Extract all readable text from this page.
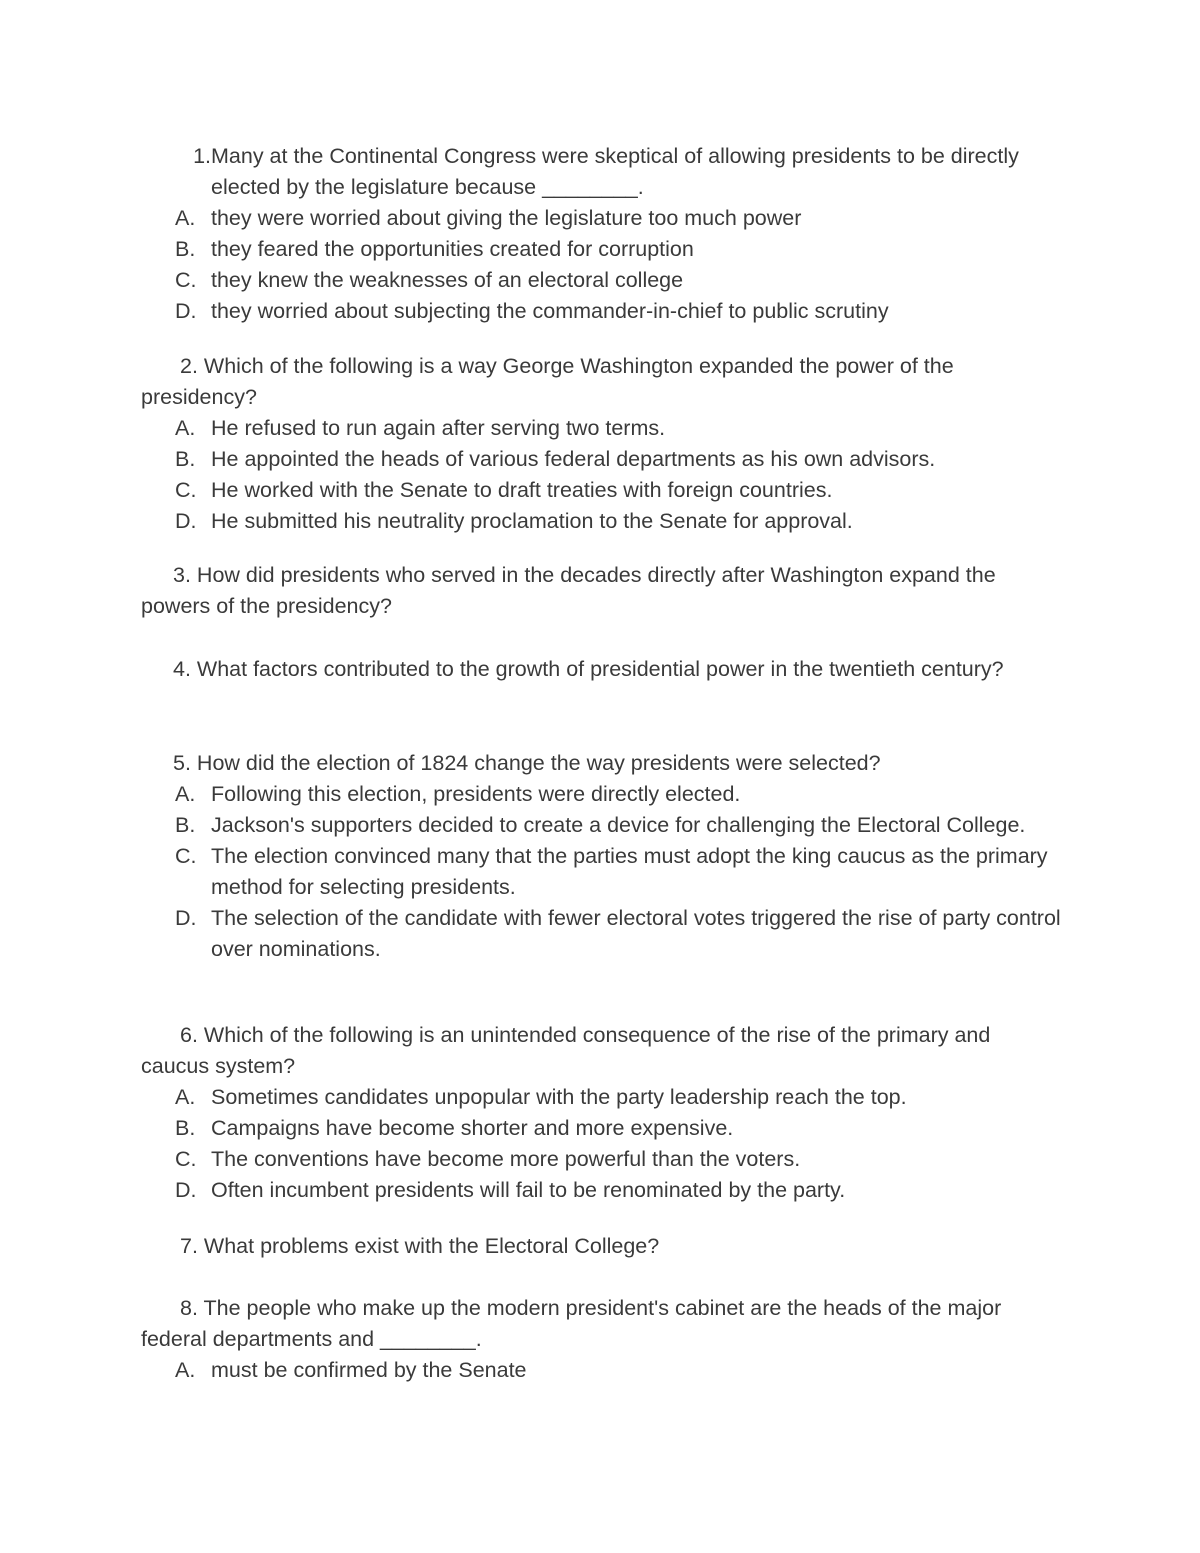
1. Many at the Continental Congress were skeptical of allowing presidents to be directly elected by the legislature because ________.
A. they were worried about giving the legislature too much power
B. they feared the opportunities created for corruption
C. they knew the weaknesses of an electoral college
D. they worried about subjecting the commander-in-chief to public scrutiny
2. Which of the following is a way George Washington expanded the power of the presidency?
A. He refused to run again after serving two terms.
B. He appointed the heads of various federal departments as his own advisors.
C. He worked with the Senate to draft treaties with foreign countries.
D. He submitted his neutrality proclamation to the Senate for approval.
3. How did presidents who served in the decades directly after Washington expand the powers of the presidency?
4. What factors contributed to the growth of presidential power in the twentieth century?
5. How did the election of 1824 change the way presidents were selected?
A. Following this election, presidents were directly elected.
B. Jackson's supporters decided to create a device for challenging the Electoral College.
C. The election convinced many that the parties must adopt the king caucus as the primary method for selecting presidents.
D. The selection of the candidate with fewer electoral votes triggered the rise of party control over nominations.
6. Which of the following is an unintended consequence of the rise of the primary and caucus system?
A. Sometimes candidates unpopular with the party leadership reach the top.
B. Campaigns have become shorter and more expensive.
C. The conventions have become more powerful than the voters.
D. Often incumbent presidents will fail to be renominated by the party.
7. What problems exist with the Electoral College?
8. The people who make up the modern president's cabinet are the heads of the major federal departments and ________.
A. must be confirmed by the Senate
